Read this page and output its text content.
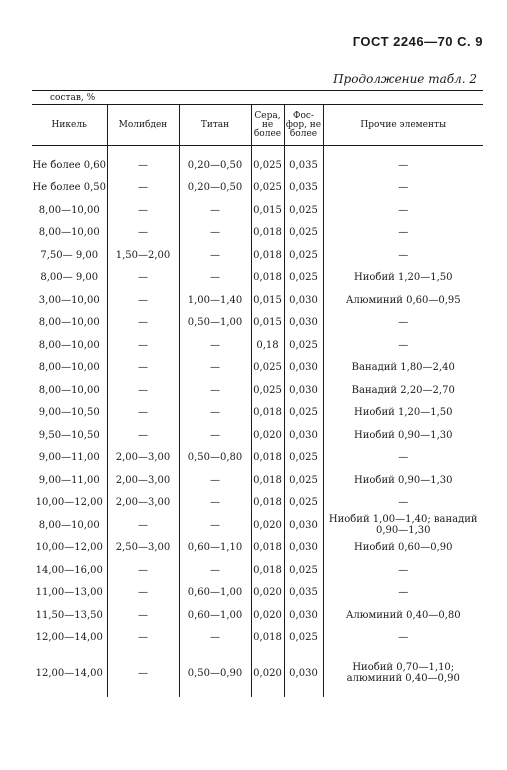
ГОСТ 2246—70 С. 9
Продолжение табл. 2
состав, %
Никель	Молибден	Титан	Сера, не более	Фос- фор, не более	Прочие элементы

Не более 0,60	—	0,20—0,50	0,025	0,035	—
Не более 0,50	—	0,20—0,50	0,025	0,035	—
8,00—10,00	—	—	0,015	0,025	—
8,00—10,00	—	—	0,018	0,025	—
7,50— 9,00	1,50—2,00	—	0,018	0,025	—
8,00— 9,00	—	—	0,018	0,025	Ниобий 1,20—1,50
3,00—10,00	—	1,00—1,40	0,015	0,030	Алюминий 0,60—0,95
8,00—10,00	—	0,50—1,00	0,015	0,030	—
8,00—10,00	—	—	0,18	0,025	—
8,00—10,00	—	—	0,025	0,030	Ванадий 1,80—2,40
8,00—10,00	—	—	0,025	0,030	Ванадий 2,20—2,70
9,00—10,50	—	—	0,018	0,025	Ниобий 1,20—1,50
9,50—10,50	—	—	0,020	0,030	Ниобий 0,90—1,30
9,00—11,00	2,00—3,00	0,50—0,80	0,018	0,025	—
9,00—11,00	2,00—3,00	—	0,018	0,025	Ниобий 0,90—1,30
10,00—12,00	2,00—3,00	—	0,018	0,025	—
8,00—10,00	—	—	0,020	0,030	Ниобий 1,00—1,40; ванадий 0,90—1,30
10,00—12,00	2,50—3,00	0,60—1,10	0,018	0,030	Ниобий 0,60—0,90
14,00—16,00	—	—	0,018	0,025	—
11,00—13,00	—	0,60—1,00	0,020	0,035	—
11,50—13,50	—	0,60—1,00	0,020	0,030	Алюминий 0,40—0,80
12,00—14,00	—	—	0,018	0,025	—
12,00—14,00	—	0,50—0,90	0,020	0,030	Ниобий 0,70—1,10; алюминий 0,40—0,90
